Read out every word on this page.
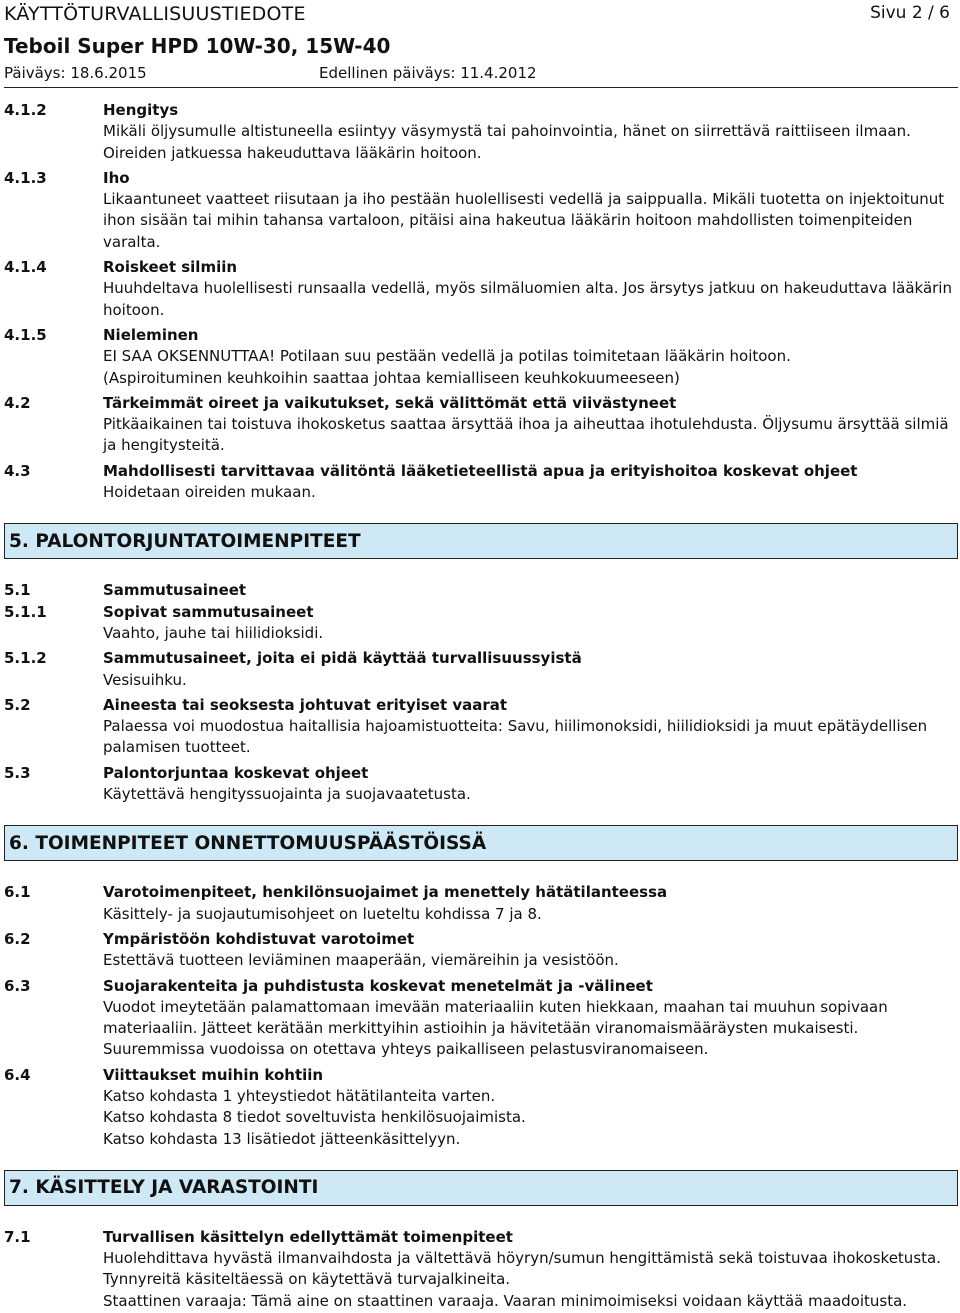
KÄYTTÖTURVALLISUUSTIEDOTE	Sivu 2 / 6
Teboil Super HPD 10W-30, 15W-40
Päiväys: 18.6.2015	Edellinen päiväys: 11.4.2012
4.1.2	Hengitys

Mikäli öljysumulle altistuneella esiintyy väsymystä tai pahoinvointia, hänet on siirrettävä raittiiseen ilmaan.

Oireiden jatkuessa hakeuduttava lääkärin hoitoon.

4.1.3	Iho

Likaantuneet vaatteet riisutaan ja iho pestään huolellisesti vedellä ja saippualla. Mikäli tuotetta on injektoitunut ihon sisään tai mihin tahansa vartaloon, pitäisi aina hakeutua lääkärin hoitoon mahdollisten toimenpiteiden varalta.

4.1.4	Roiskeet silmiin

Huuhdeltava huolellisesti runsaalla vedellä, myös silmäluomien alta. Jos ärsytys jatkuu on hakeuduttava lääkärin hoitoon.

4.1.5	Nieleminen

EI SAA OKSENNUTTAA! Potilaan suu pestään vedellä ja potilas toimitetaan lääkärin hoitoon.

(Aspiroituminen keuhkoihin saattaa johtaa kemialliseen keuhkokuumeeseen)

4.2	Tärkeimmät oireet ja vaikutukset, sekä välittömät että viivästyneet

Pitkäaikainen tai toistuva ihokosketus saattaa ärsyttää ihoa ja aiheuttaa ihotulehdusta. Öljysumu ärsyttää silmiä ja hengitysteitä.

4.3	Mahdollisesti tarvittavaa välitöntä lääketieteellistä apua ja erityishoitoa koskevat ohjeet

Hoidetaan oireiden mukaan.

5. PALONTORJUNTATOIMENPITEET
5.1	Sammutusaineet
5.1.1	Sopivat sammutusaineet

Vaahto, jauhe tai hiilidioksidi.

5.1.2	Sammutusaineet, joita ei pidä käyttää turvallisuussyistä

Vesisuihku.

5.2	Aineesta tai seoksesta johtuvat erityiset vaarat

Palaessa voi muodostua haitallisia hajoamistuotteita: Savu, hiilimonoksidi, hiilidioksidi ja muut epätäydellisen palamisen tuotteet.

5.3	Palontorjuntaa koskevat ohjeet

Käytettävä hengityssuojainta ja suojavaatetusta.

6. TOIMENPITEET ONNETTOMUUSPÄÄSTÖISSÄ
6.1	Varotoimenpiteet, henkilönsuojaimet ja menettely hätätilanteessa

Käsittely- ja suojautumisohjeet on lueteltu kohdissa 7 ja 8.

6.2	Ympäristöön kohdistuvat varotoimet

Estettävä tuotteen leviäminen maaperään, viemäreihin ja vesistöön.

6.3	Suojarakenteita ja puhdistusta koskevat menetelmät ja -välineet

Vuodot imeytetään palamattomaan imevään materiaaliin kuten hiekkaan, maahan tai muuhun sopivaan materiaaliin. Jätteet kerätään merkittyihin astioihin ja hävitetään viranomaismääräysten mukaisesti.

Suuremmissa vuodoissa on otettava yhteys paikalliseen pelastusviranomaiseen.

6.4	Viittaukset muihin kohtiin

Katso kohdasta 1 yhteystiedot hätätilanteita varten.

Katso kohdasta 8 tiedot soveltuvista henkilösuojaimista.

Katso kohdasta 13 lisätiedot jätteenkäsittelyyn.

7. KÄSITTELY JA VARASTOINTI
7.1	Turvallisen käsittelyn edellyttämät toimenpiteet

Huolehdittava hyvästä ilmanvaihdosta ja vältettävä höyryn/sumun hengittämistä sekä toistuvaa ihokosketusta.

Tynnyreitä käsiteltäessä on käytettävä turvajalkineita.

Staattinen varaaja: Tämä aine on staattinen varaaja. Vaaran minimoimiseksi voidaan käyttää maadoitusta.
